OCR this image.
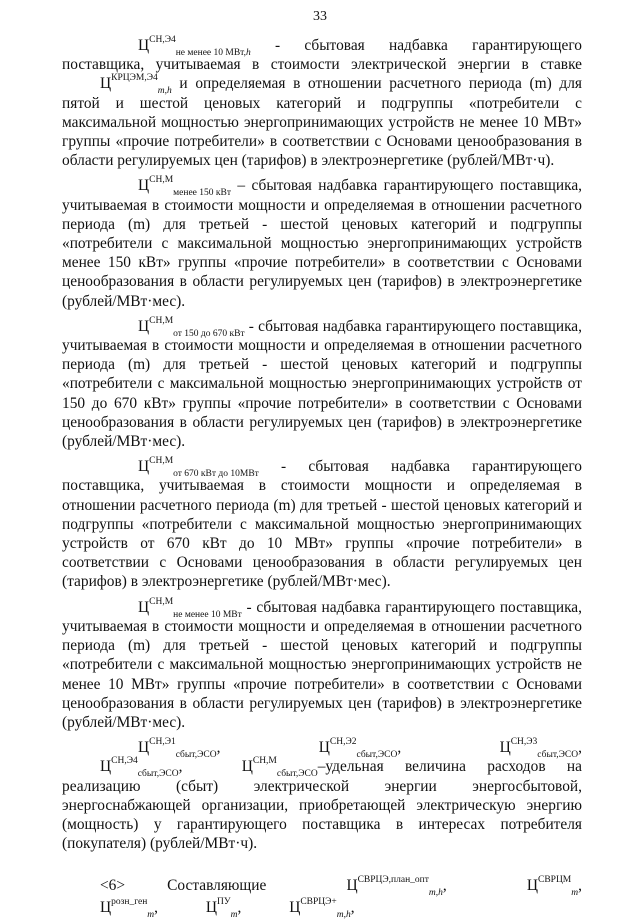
33

$Ц^{СН,Э4}_{не менее 10 МВт,h}$ - сбытовая надбавка гарантирующего поставщика, учитываемая в стоимости электрической энергии в ставке $Ц^{КРЦЭМ,Э4}_{m,h}$ и определяемая в отношении расчетного периода (m) для пятой и шестой ценовых категорий и подгруппы «потребители с максимальной мощностью энергопринимающих устройств не менее 10 МВт» группы «прочие потребители» в соответствии с Основами ценообразования в области регулируемых цен (тарифов) в электроэнергетике (рублей/МВт·ч).

$Ц^{СН,М}_{менее 150 кВт}$ – сбытовая надбавка гарантирующего поставщика, учитываемая в стоимости мощности и определяемая в отношении расчетного периода (m) для третьей - шестой ценовых категорий и подгруппы «потребители с максимальной мощностью энергопринимающих устройств менее 150 кВт» группы «прочие потребители» в соответствии с Основами ценообразования в области регулируемых цен (тарифов) в электроэнергетике (рублей/МВт·мес).

$Ц^{СН,М}_{от 150 до 670 кВт}$ - сбытовая надбавка гарантирующего поставщика, учитываемая в стоимости мощности и определяемая в отношении расчетного периода (m) для третьей - шестой ценовых категорий и подгруппы «потребители с максимальной мощностью энергопринимающих устройств от 150 до 670 кВт» группы «прочие потребители» в соответствии с Основами ценообразования в области регулируемых цен (тарифов) в электроэнергетике (рублей/МВт·мес).

$Ц^{СН,М}_{от 670 кВт до 10МВт}$ - сбытовая надбавка гарантирующего поставщика, учитываемая в стоимости мощности и определяемая в отношении расчетного периода (m) для третьей - шестой ценовых категорий и подгруппы «потребители с максимальной мощностью энергопринимающих устройств от 670 кВт до 10 МВт» группы «прочие потребители» в соответствии с Основами ценообразования в области регулируемых цен (тарифов) в электроэнергетике (рублей/МВт·мес).

$Ц^{СН,М}_{не менее 10 МВт}$ - сбытовая надбавка гарантирующего поставщика, учитываемая в стоимости мощности и определяемая в отношении расчетного периода (m) для третьей - шестой ценовых категорий и подгруппы «потребители с максимальной мощностью энергопринимающих устройств не менее 10 МВт» группы «прочие потребители» в соответствии с Основами ценообразования в области регулируемых цен (тарифов) в электроэнергетике (рублей/МВт·мес).

$Ц^{СН,Э1}_{сбыт,ЭСО}$, $Ц^{СН,Э2}_{сбыт,ЭСО}$, $Ц^{СН,Э3}_{сбыт,ЭСО}$, $Ц^{СН,Э4}_{сбыт,ЭСО}$, $Ц^{СН,М}_{сбыт,ЭСО}$–удельная величина расходов на реализацию (сбыт) электрической энергии энергосбытовой, энергоснабжающей организации, приобретающей электрическую энергию (мощность) у гарантирующего поставщика в интересах потребителя (покупателя) (рублей/МВт·ч).

<6> Составляющие	$Ц^{СВРЦЭ,план\_опт}_{m,h}$,	$Ц^{СВРЦМ}_m$, $Ц^{розн\_ген}_m$,	$Ц^{ПУ}_m$,	$Ц^{СВРЦЭ+}_{m,h}$,
